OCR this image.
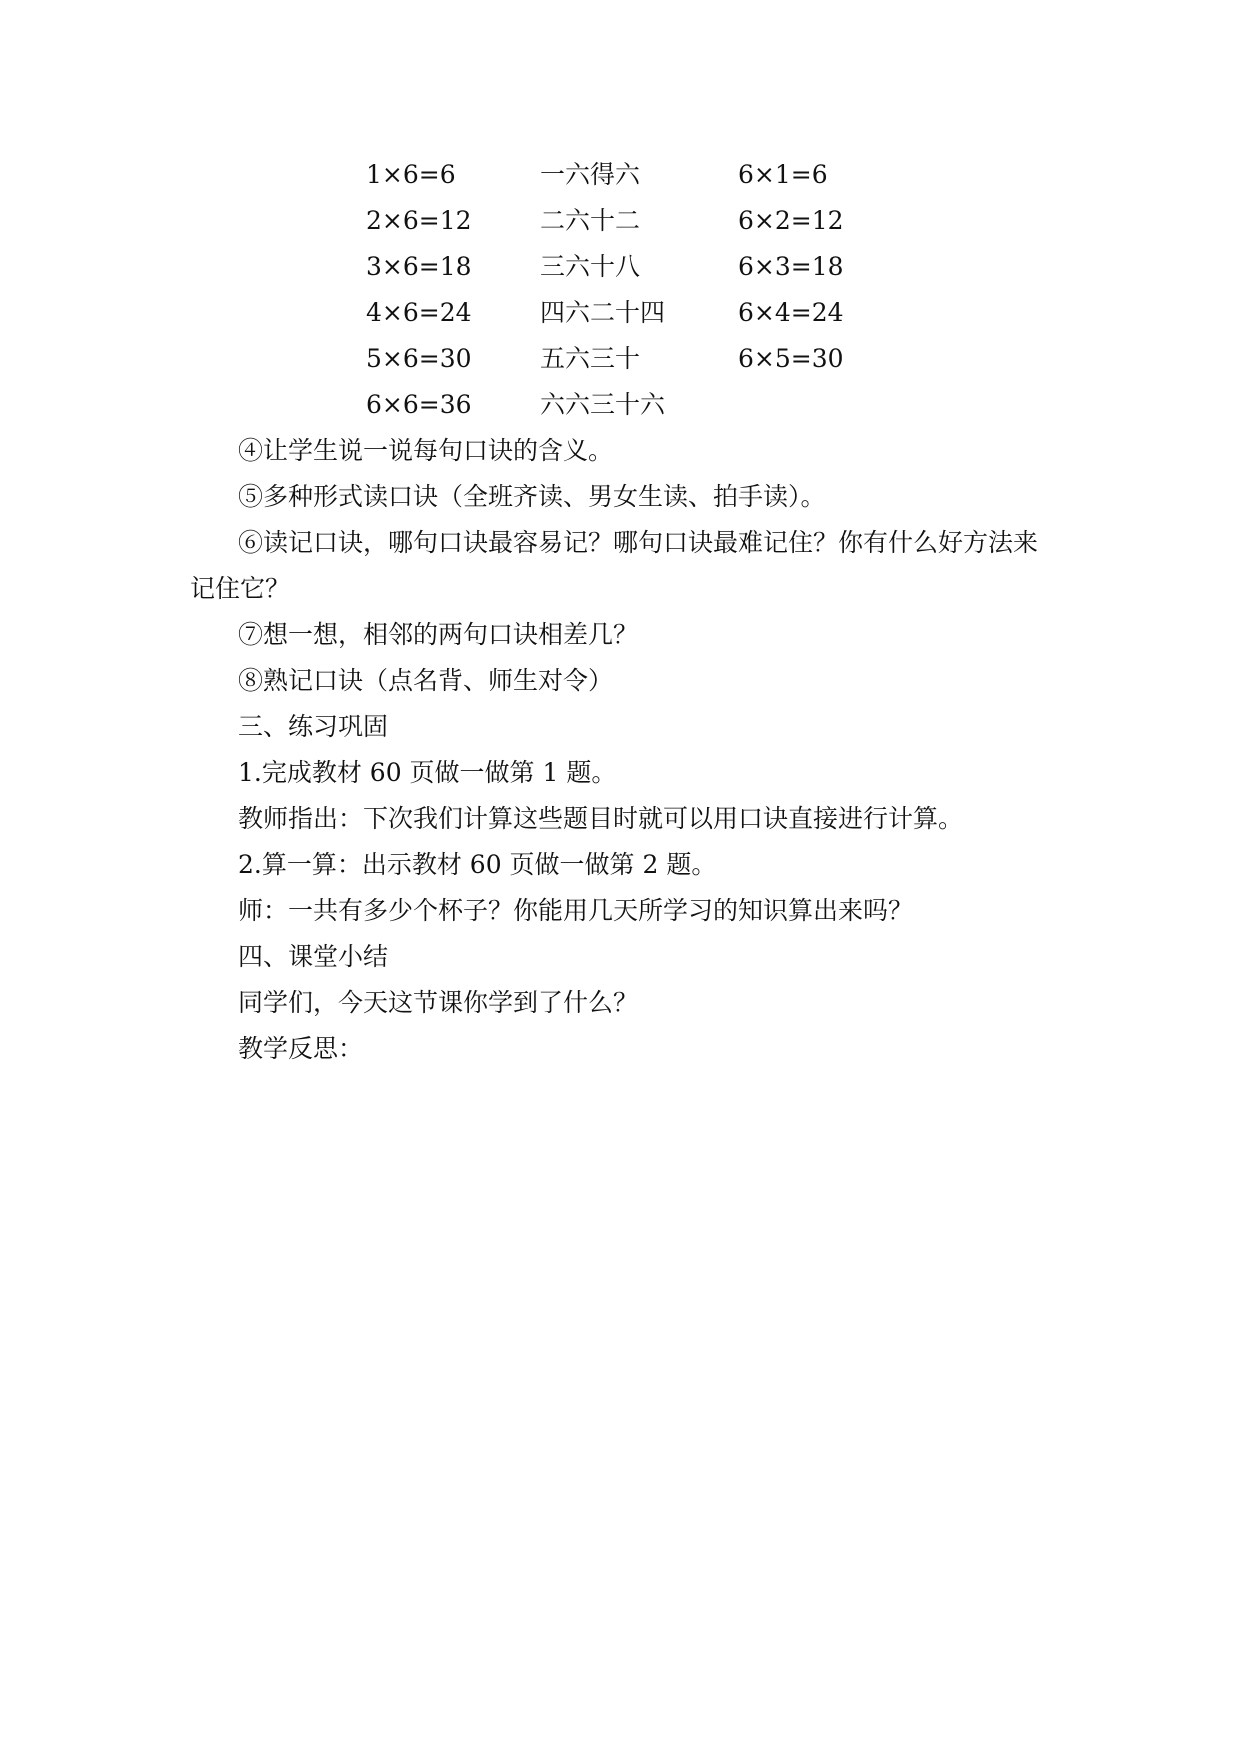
1×6=6	一六得六	6×1=6
2×6=12	二六十二	6×2=12
3×6=18	三六十八	6×3=18
4×6=24	四六二十四	6×4=24
5×6=30	五六三十	6×5=30
6×6=36	六六三十六
④让学生说一说每句口诀的含义。
⑤多种形式读口诀（全班齐读、男女生读、拍手读）。
⑥读记口诀，哪句口诀最容易记？哪句口诀最难记住？你有什么好方法来
记住它？
⑦想一想，相邻的两句口诀相差几？
⑧熟记口诀（点名背、师生对令）
三、练习巩固
1.完成教材 60 页做一做第 1 题。
教师指出：下次我们计算这些题目时就可以用口诀直接进行计算。
2.算一算：出示教材 60 页做一做第 2 题。
师：一共有多少个杯子？你能用几天所学习的知识算出来吗？
四、课堂小结
同学们，今天这节课你学到了什么？
教学反思：
